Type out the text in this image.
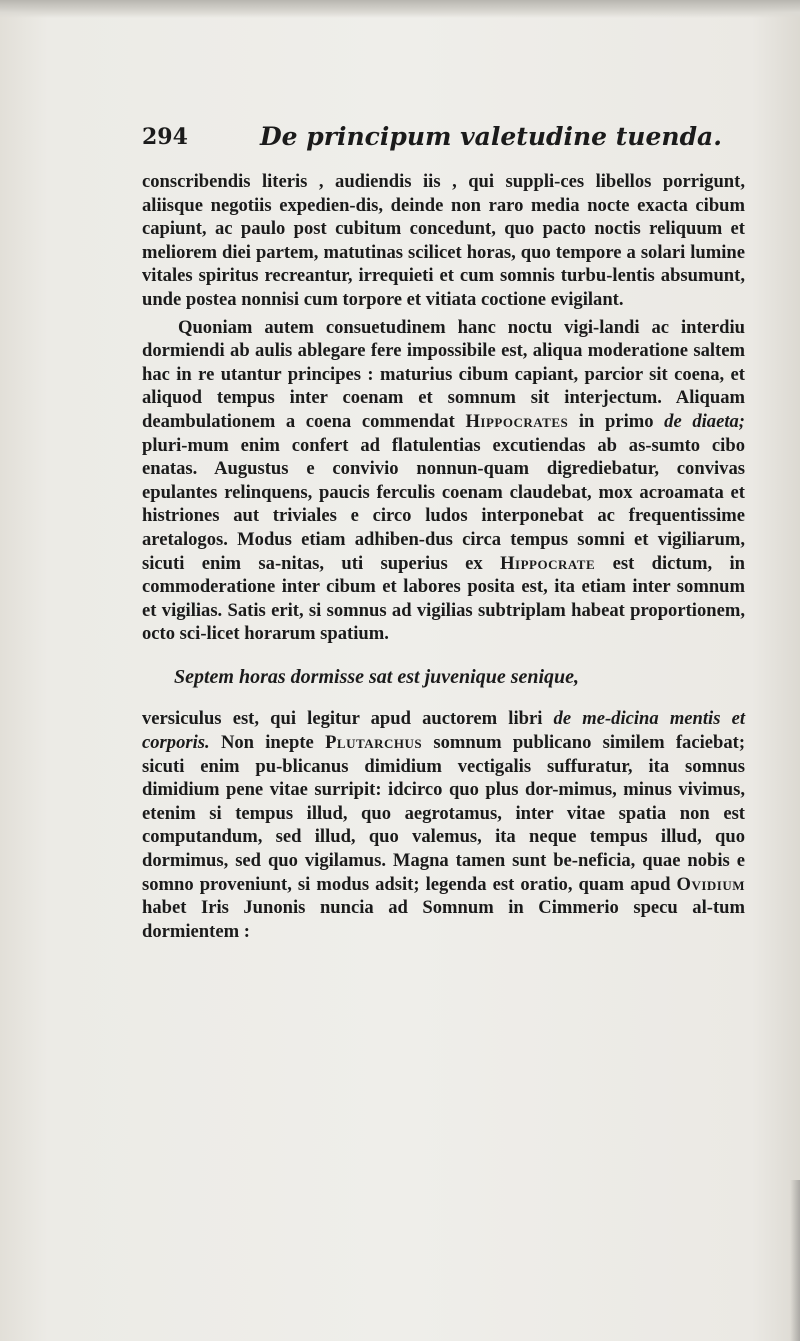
294	De principum valetudine tuenda.

conscribendis literis , audiendis iis , qui suppli-ces libellos porrigunt, aliisque negotiis expedien-dis, deinde non raro media nocte exacta cibum capiunt, ac paulo post cubitum concedunt, quo pacto noctis reliquum et meliorem diei partem, matutinas scilicet horas, quo tempore a solari lumine vitales spiritus recreantur, irrequieti et cum somnis turbu-lentis absumunt, unde postea nonnisi cum torpore et vitiata coctione evigilant.

Quoniam autem consuetudinem hanc noctu vigi-landi ac interdiu dormiendi ab aulis ablegare fere impossibile est, aliqua moderatione saltem hac in re utantur principes : maturius cibum capiant, parcior sit coena, et aliquod tempus inter coenam et somnum sit interjectum. Aliquam deambulationem a coena commendat Hippocrates in primo de diaeta; pluri-mum enim confert ad flatulentias excutiendas ab as-sumto cibo enatas. Augustus e convivio nonnun-quam digrediebatur, convivas epulantes relinquens, paucis ferculis coenam claudebat, mox acroamata et histriones aut triviales e circo ludos interponebat ac frequentissime aretalogos. Modus etiam adhiben-dus circa tempus somni et vigiliarum, sicuti enim sa-nitas, uti superius ex Hippocrate est dictum, in commoderatione inter cibum et labores posita est, ita etiam inter somnum et vigilias. Satis erit, si somnus ad vigilias subtriplam habeat proportionem, octo sci-licet horarum spatium.

Septem horas dormisse sat est juvenique senique,

versiculus est, qui legitur apud auctorem libri de me-dicina mentis et corporis. Non inepte Plutarchus somnum publicano similem faciebat; sicuti enim pu-blicanus dimidium vectigalis suffuratur, ita somnus dimidium pene vitae surripit: idcirco quo plus dor-mimus, minus vivimus, etenim si tempus illud, quo aegrotamus, inter vitae spatia non est computandum, sed illud, quo valemus, ita neque tempus illud, quo dormimus, sed quo vigilamus. Magna tamen sunt be-neficia, quae nobis e somno proveniunt, si modus adsit; legenda est oratio, quam apud Ovidium habet Iris Junonis nuncia ad Somnum in Cimmerio specu al-tum dormientem :
